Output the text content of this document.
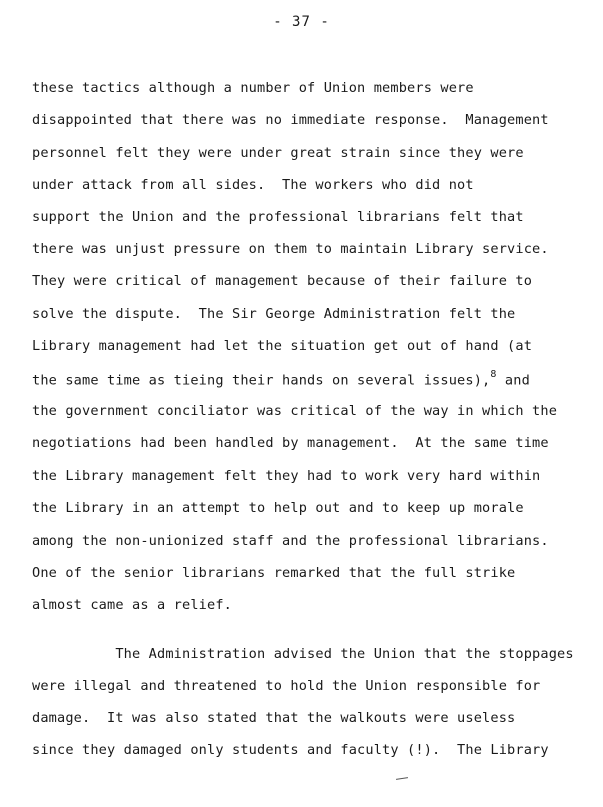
- 37 -
these tactics although a number of Union members were
disappointed that there was no immediate response.  Management
personnel felt they were under great strain since they were
under attack from all sides.  The workers who did not
support the Union and the professional librarians felt that
there was unjust pressure on them to maintain Library service.
They were critical of management because of their failure to
solve the dispute.  The Sir George Administration felt the
Library management had let the situation get out of hand (at
the same time as tieing their hands on several issues),$^8$ and
the government conciliator was critical of the way in which the
negotiations had been handled by management.  At the same time
the Library management felt they had to work very hard within
the Library in an attempt to help out and to keep up morale
among the non-unionized staff and the professional librarians.
One of the senior librarians remarked that the full strike
almost came as a relief.
The Administration advised the Union that the stoppages
were illegal and threatened to hold the Union responsible for
damage.  It was also stated that the walkouts were useless
since they damaged only students and faculty (!).  The Library
